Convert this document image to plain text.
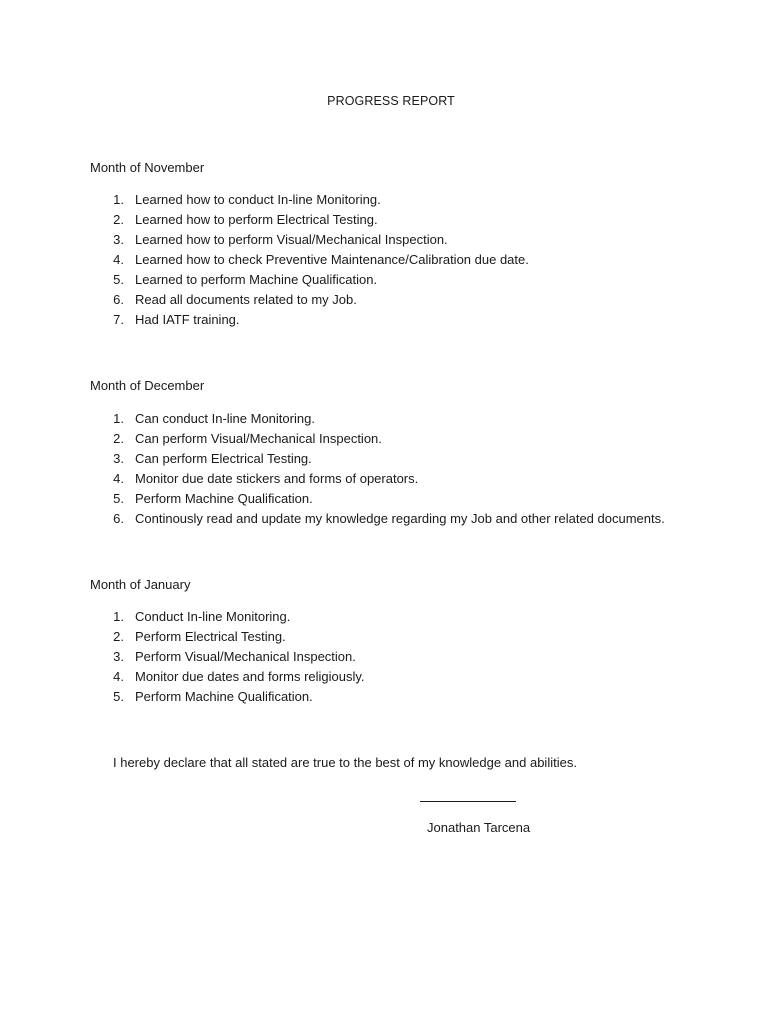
PROGRESS REPORT
Month of November
1. Learned how to conduct In-line Monitoring.
2. Learned how to perform Electrical Testing.
3. Learned how to perform Visual/Mechanical Inspection.
4. Learned how to check Preventive Maintenance/Calibration due date.
5. Learned to perform Machine Qualification.
6. Read all documents related to my Job.
7. Had IATF training.
Month of December
1. Can conduct In-line Monitoring.
2. Can perform Visual/Mechanical Inspection.
3. Can perform Electrical Testing.
4. Monitor due date stickers and forms of operators.
5. Perform Machine Qualification.
6. Continously read and update my knowledge regarding my Job and other related documents.
Month of January
1. Conduct In-line Monitoring.
2. Perform Electrical Testing.
3. Perform Visual/Mechanical Inspection.
4. Monitor due dates and forms religiously.
5. Perform Machine Qualification.
I hereby declare that all stated are true to the best of my knowledge and abilities.
Jonathan Tarcena
